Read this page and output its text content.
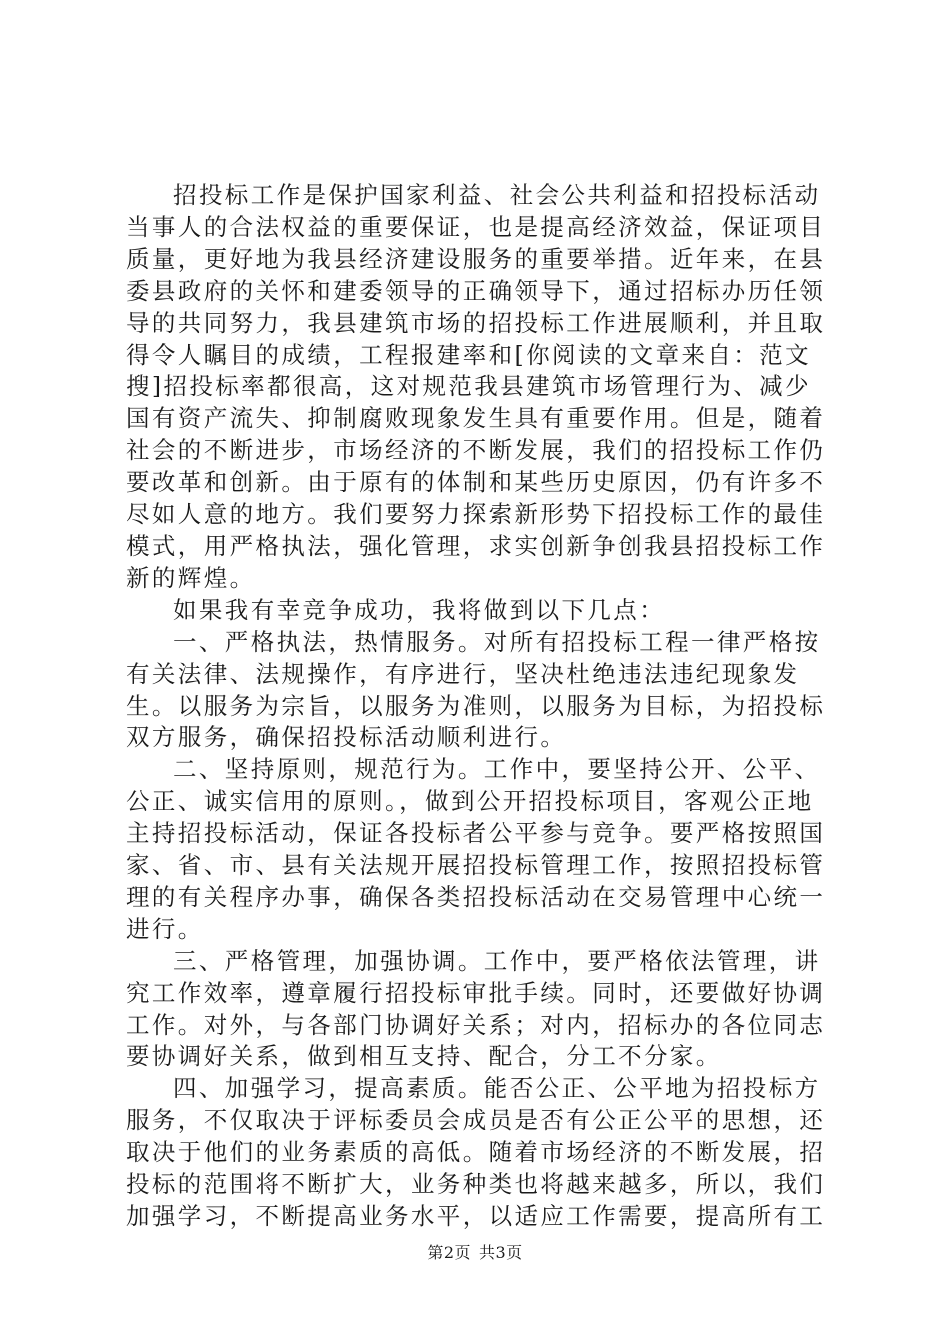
招投标工作是保护国家利益、社会公共利益和招投标活动当事人的合法权益的重要保证，也是提高经济效益，保证项目质量，更好地为我县经济建设服务的重要举措。近年来，在县委县政府的关怀和建委领导的正确领导下，通过招标办历任领导的共同努力，我县建筑市场的招投标工作进展顺利，并且取得令人瞩目的成绩，工程报建率和[你阅读的文章来自：范文搜]招投标率都很高，这对规范我县建筑市场管理行为、减少国有资产流失、抑制腐败现象发生具有重要作用。但是，随着社会的不断进步，市场经济的不断发展，我们的招投标工作仍要改革和创新。由于原有的体制和某些历史原因，仍有许多不尽如人意的地方。我们要努力探索新形势下招投标工作的最佳模式，用严格执法，强化管理，求实创新争创我县招投标工作新的辉煌。

如果我有幸竞争成功，我将做到以下几点：

一、严格执法，热情服务。对所有招投标工程一律严格按有关法律、法规操作，有序进行，坚决杜绝违法违纪现象发生。以服务为宗旨，以服务为准则，以服务为目标，为招投标双方服务，确保招投标活动顺利进行。

二、坚持原则，规范行为。工作中，要坚持公开、公平、公正、诚实信用的原则。，做到公开招投标项目，客观公正地主持招投标活动，保证各投标者公平参与竞争。要严格按照国家、省、市、县有关法规开展招投标管理工作，按照招投标管理的有关程序办事，确保各类招投标活动在交易管理中心统一进行。

三、严格管理，加强协调。工作中，要严格依法管理，讲究工作效率，遵章履行招投标审批手续。同时，还要做好协调工作。对外，与各部门协调好关系；对内，招标办的各位同志要协调好关系，做到相互支持、配合，分工不分家。

四、加强学习，提高素质。能否公正、公平地为招投标方服务，不仅取决于评标委员会成员是否有公正公平的思想，还取决于他们的业务素质的高低。随着市场经济的不断发展，招投标的范围将不断扩大，业务种类也将越来越多，所以，我们加强学习，不断提高业务水平，以适应工作需要，提高所有工

第2页 共3页
